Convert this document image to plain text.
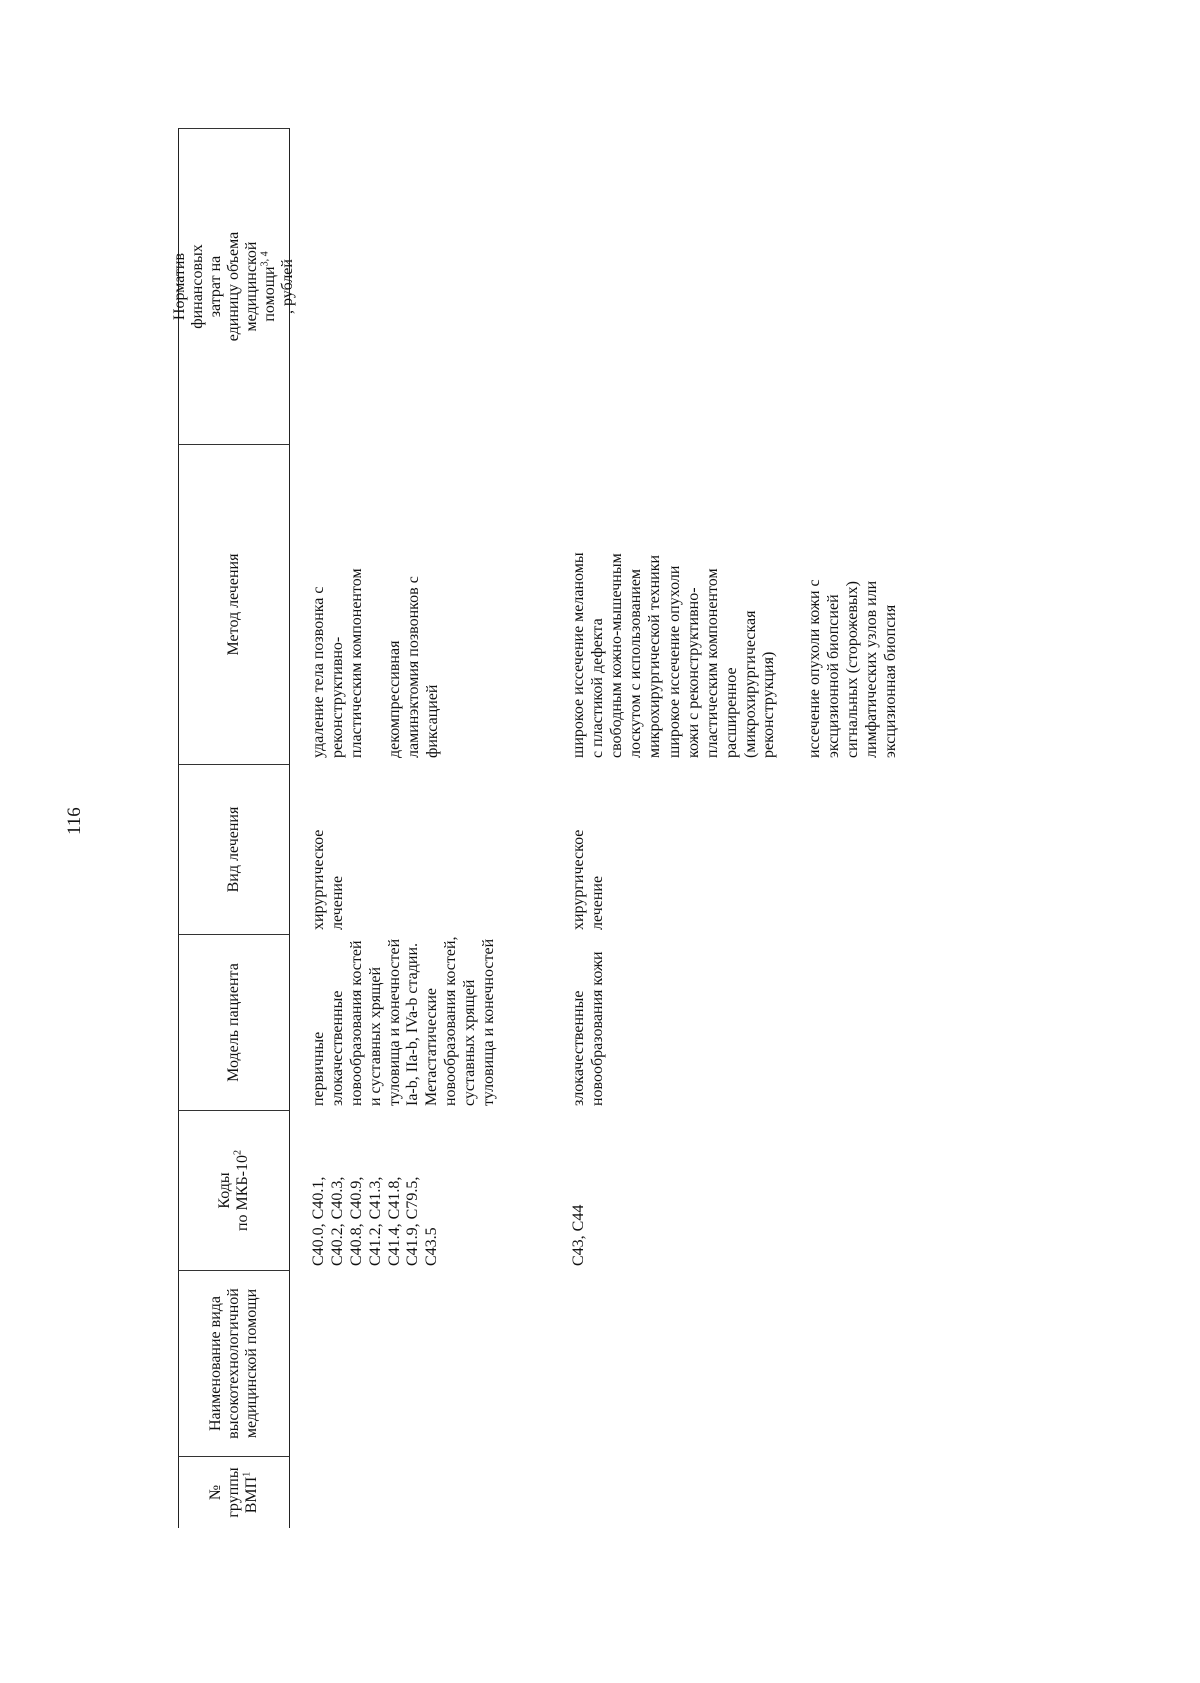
116
№ группы ВМП$^1$
Наименование вида высокотехнологичной медицинской помощи
Коды по МКБ-$10^2$
Модель пациента
Вид лечения
Метод лечения
Норматив финансовых затрат на единицу объема медицинской помощи$^{3, 4}$
, рублей
C40.0, C40.1, C40.2, C40.3, C40.8, C40.9, C41.2, C41.3, C41.4, C41.8, C41.9, C79.5, C43.5
первичные злокачественные новообразования костей и суставных хрящей туловища и конечностей Ia-b, IIa-b, IVa-b стадии. Метастатические новообразования костей, суставных хрящей туловища и конечностей
хирургическое лечение
удаление тела позвонка с реконструктивно- пластическим компонентом декомпрессивная ламинэктомия позвонков с фиксацией
C43, C44
злокачественные новообразования кожи
хирургическое лечение
широкое иссечение меланомы с пластикой дефекта свободным кожно-мышечным лоскутом с использованием микрохирургической техники широкое иссечение опухоли кожи с реконструктивно- пластическим компонентом расширенное (микрохирургическая реконструкция) иссечение опухоли кожи с эксцизионной биопсией сигнальных (сторожевых) лимфатических узлов или эксцизионная биопсия
